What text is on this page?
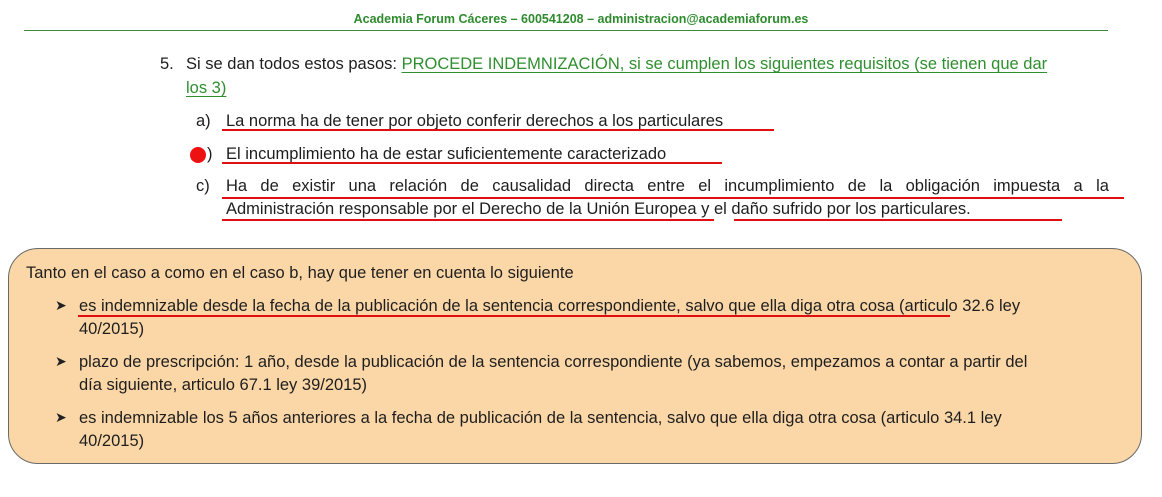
Academia Forum Cáceres – 600541208 – administracion@academiaforum.es
5. Si se dan todos estos pasos: PROCEDE INDEMNIZACIÓN, si se cumplen los siguientes requisitos (se tienen que dar
los 3)
a) La norma ha de tener por objeto conferir derechos a los particulares
) El incumplimiento ha de estar suficientemente caracterizado
c) Ha de existir una relación de causalidad directa entre el incumplimiento de la obligación impuesta a la
Administración responsable por el Derecho de la Unión Europea y el daño sufrido por los particulares.
Tanto en el caso a como en el caso b, hay que tener en cuenta lo siguiente
➤ es indemnizable desde la fecha de la publicación de la sentencia correspondiente, salvo que ella diga otra cosa (articulo 32.6 ley
40/2015)
➤ plazo de prescripción: 1 año, desde la publicación de la sentencia correspondiente (ya sabemos, empezamos a contar a partir del
día siguiente, articulo 67.1 ley 39/2015)
➤ es indemnizable los 5 años anteriores a la fecha de publicación de la sentencia, salvo que ella diga otra cosa (articulo 34.1 ley
40/2015)
